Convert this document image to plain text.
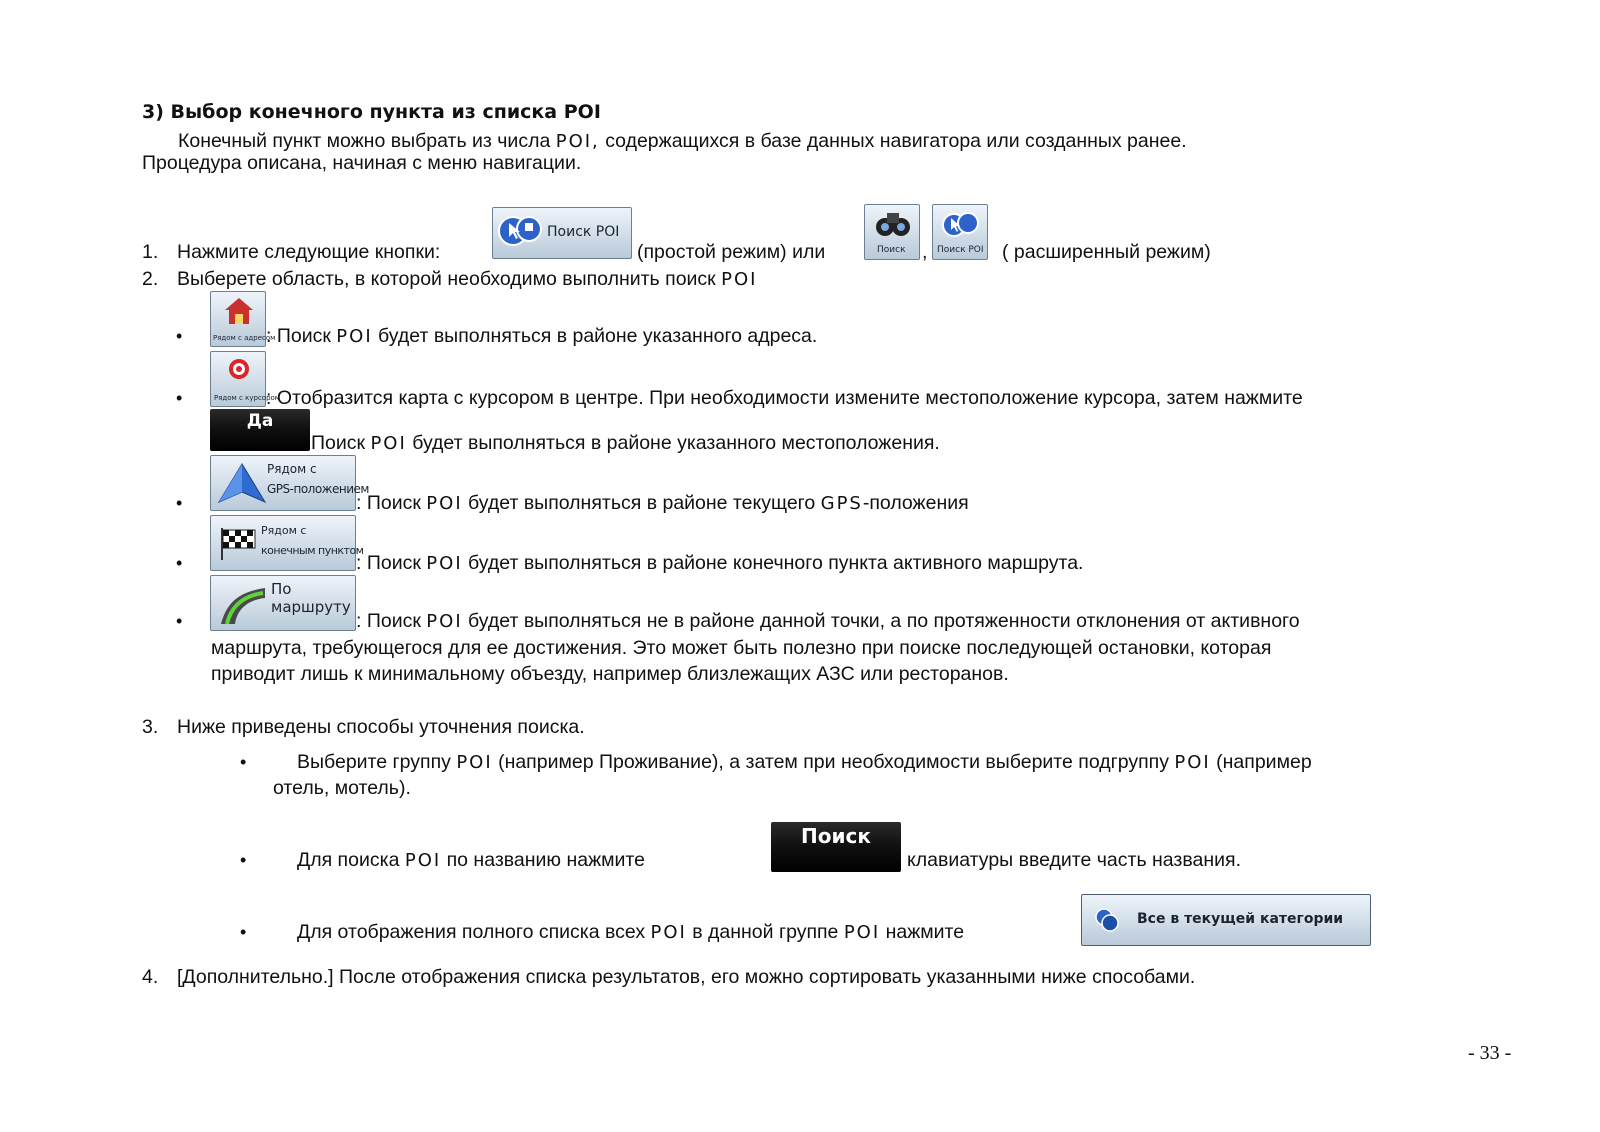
3) Выбор конечного пункта из списка POI
Конечный пункт можно выбрать из числа POI, содержащихся в базе данных навигатора или созданных ранее.
Процедура описана, начиная с меню навигации.
1. Нажмите следующие кнопки:
Поиск POI
(простой режим) или	Поиск , Поиск POI ( расширенный режим)
2. Выберете область, в которой необходимо выполнить поиск POI
•	Рядом с адресом
: Поиск POI будет выполняться в районе указанного адреса.
•	Рядом с курсором
: Отобразится карта с курсором в центре. При необходимости измените местоположение курсора, затем нажмите
Да
Поиск POI будет выполняться в районе указанного местоположения.
•
Рядом с
GPS-положением
: Поиск POI будет выполняться в районе текущего GPS-положения
•
Рядом с
конечным пунктом
: Поиск POI будет выполняться в районе конечного пункта активного маршрута.
•
По
маршруту
: Поиск POI будет выполняться не в районе данной точки, а по протяженности отклонения от активного
маршрута, требующегося для ее достижения. Это может быть полезно при поиске последующей остановки, которая
приводит лишь к минимальному объезду, например близлежащих АЗС или ресторанов.
3. Ниже приведены способы уточнения поиска.
•	Выберите группу POI (например Проживание), а затем при необходимости выберите подгруппу POI (например
отель, мотель).
•	Для поиска POI по названию нажмите
Поиск
клавиатуры введите часть названия.
•	Для отображения полного списка всех POI в данной группе POI нажмите
Все в текущей категории
4. [Дополнительно.] После отображения списка результатов, его можно сортировать указанными ниже способами.
- 33 -
